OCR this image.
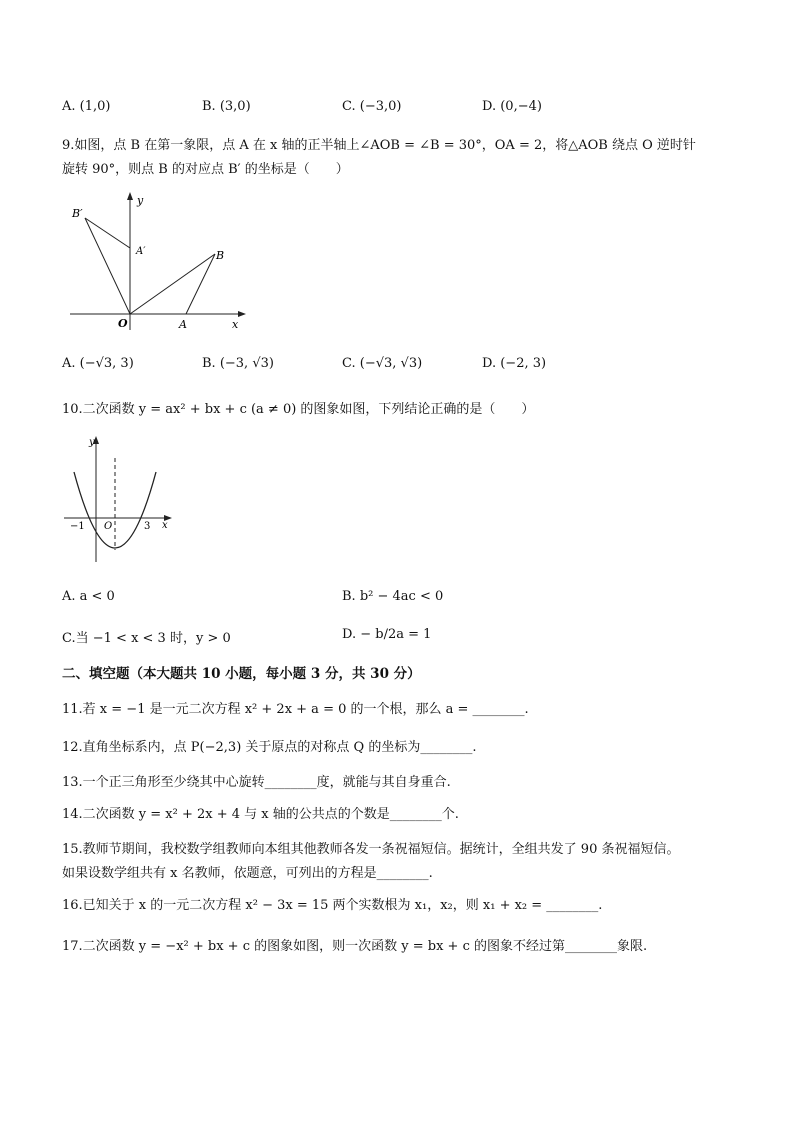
A. (1,0)	B. (3,0)	C. (−3,0)	D. (0,−4)
9.如图，点 B 在第一象限，点 A 在 x 轴的正半轴上∠AOB = ∠B = 30°，OA = 2，将△AOB 绕点 O 逆时针
旋转 90°，则点 B 的对应点 B′ 的坐标是（　　）
B′
y
A′	B
O	A	x
A. (−√3, 3)	B. (−3, √3)	C. (−√3, √3)	D. (−2, 3)
10.二次函数 y = ax² + bx + c (a ≠ 0) 的图象如图，下列结论正确的是（　　）
y
−1 O	3 x
A. a < 0	B. b² − 4ac < 0
C.当 −1 < x < 3 时，y > 0	D. − b/2a = 1
二、填空题（本大题共 10 小题，每小题 3 分，共 30 分）
11.若 x = −1 是一元二次方程 x² + 2x + a = 0 的一个根，那么 a = ________.
12.直角坐标系内，点 P(−2,3) 关于原点的对称点 Q 的坐标为________.
13.一个正三角形至少绕其中心旋转________度，就能与其自身重合.
14.二次函数 y = x² + 2x + 4 与 x 轴的公共点的个数是________个.
15.教师节期间，我校数学组教师向本组其他教师各发一条祝福短信。据统计，全组共发了 90 条祝福短信。
如果设数学组共有 x 名教师，依题意，可列出的方程是________.
16.已知关于 x 的一元二次方程 x² − 3x = 15 两个实数根为 x₁，x₂，则 x₁ + x₂ = ________.
17.二次函数 y = −x² + bx + c 的图象如图，则一次函数 y = bx + c 的图象不经过第________象限.
